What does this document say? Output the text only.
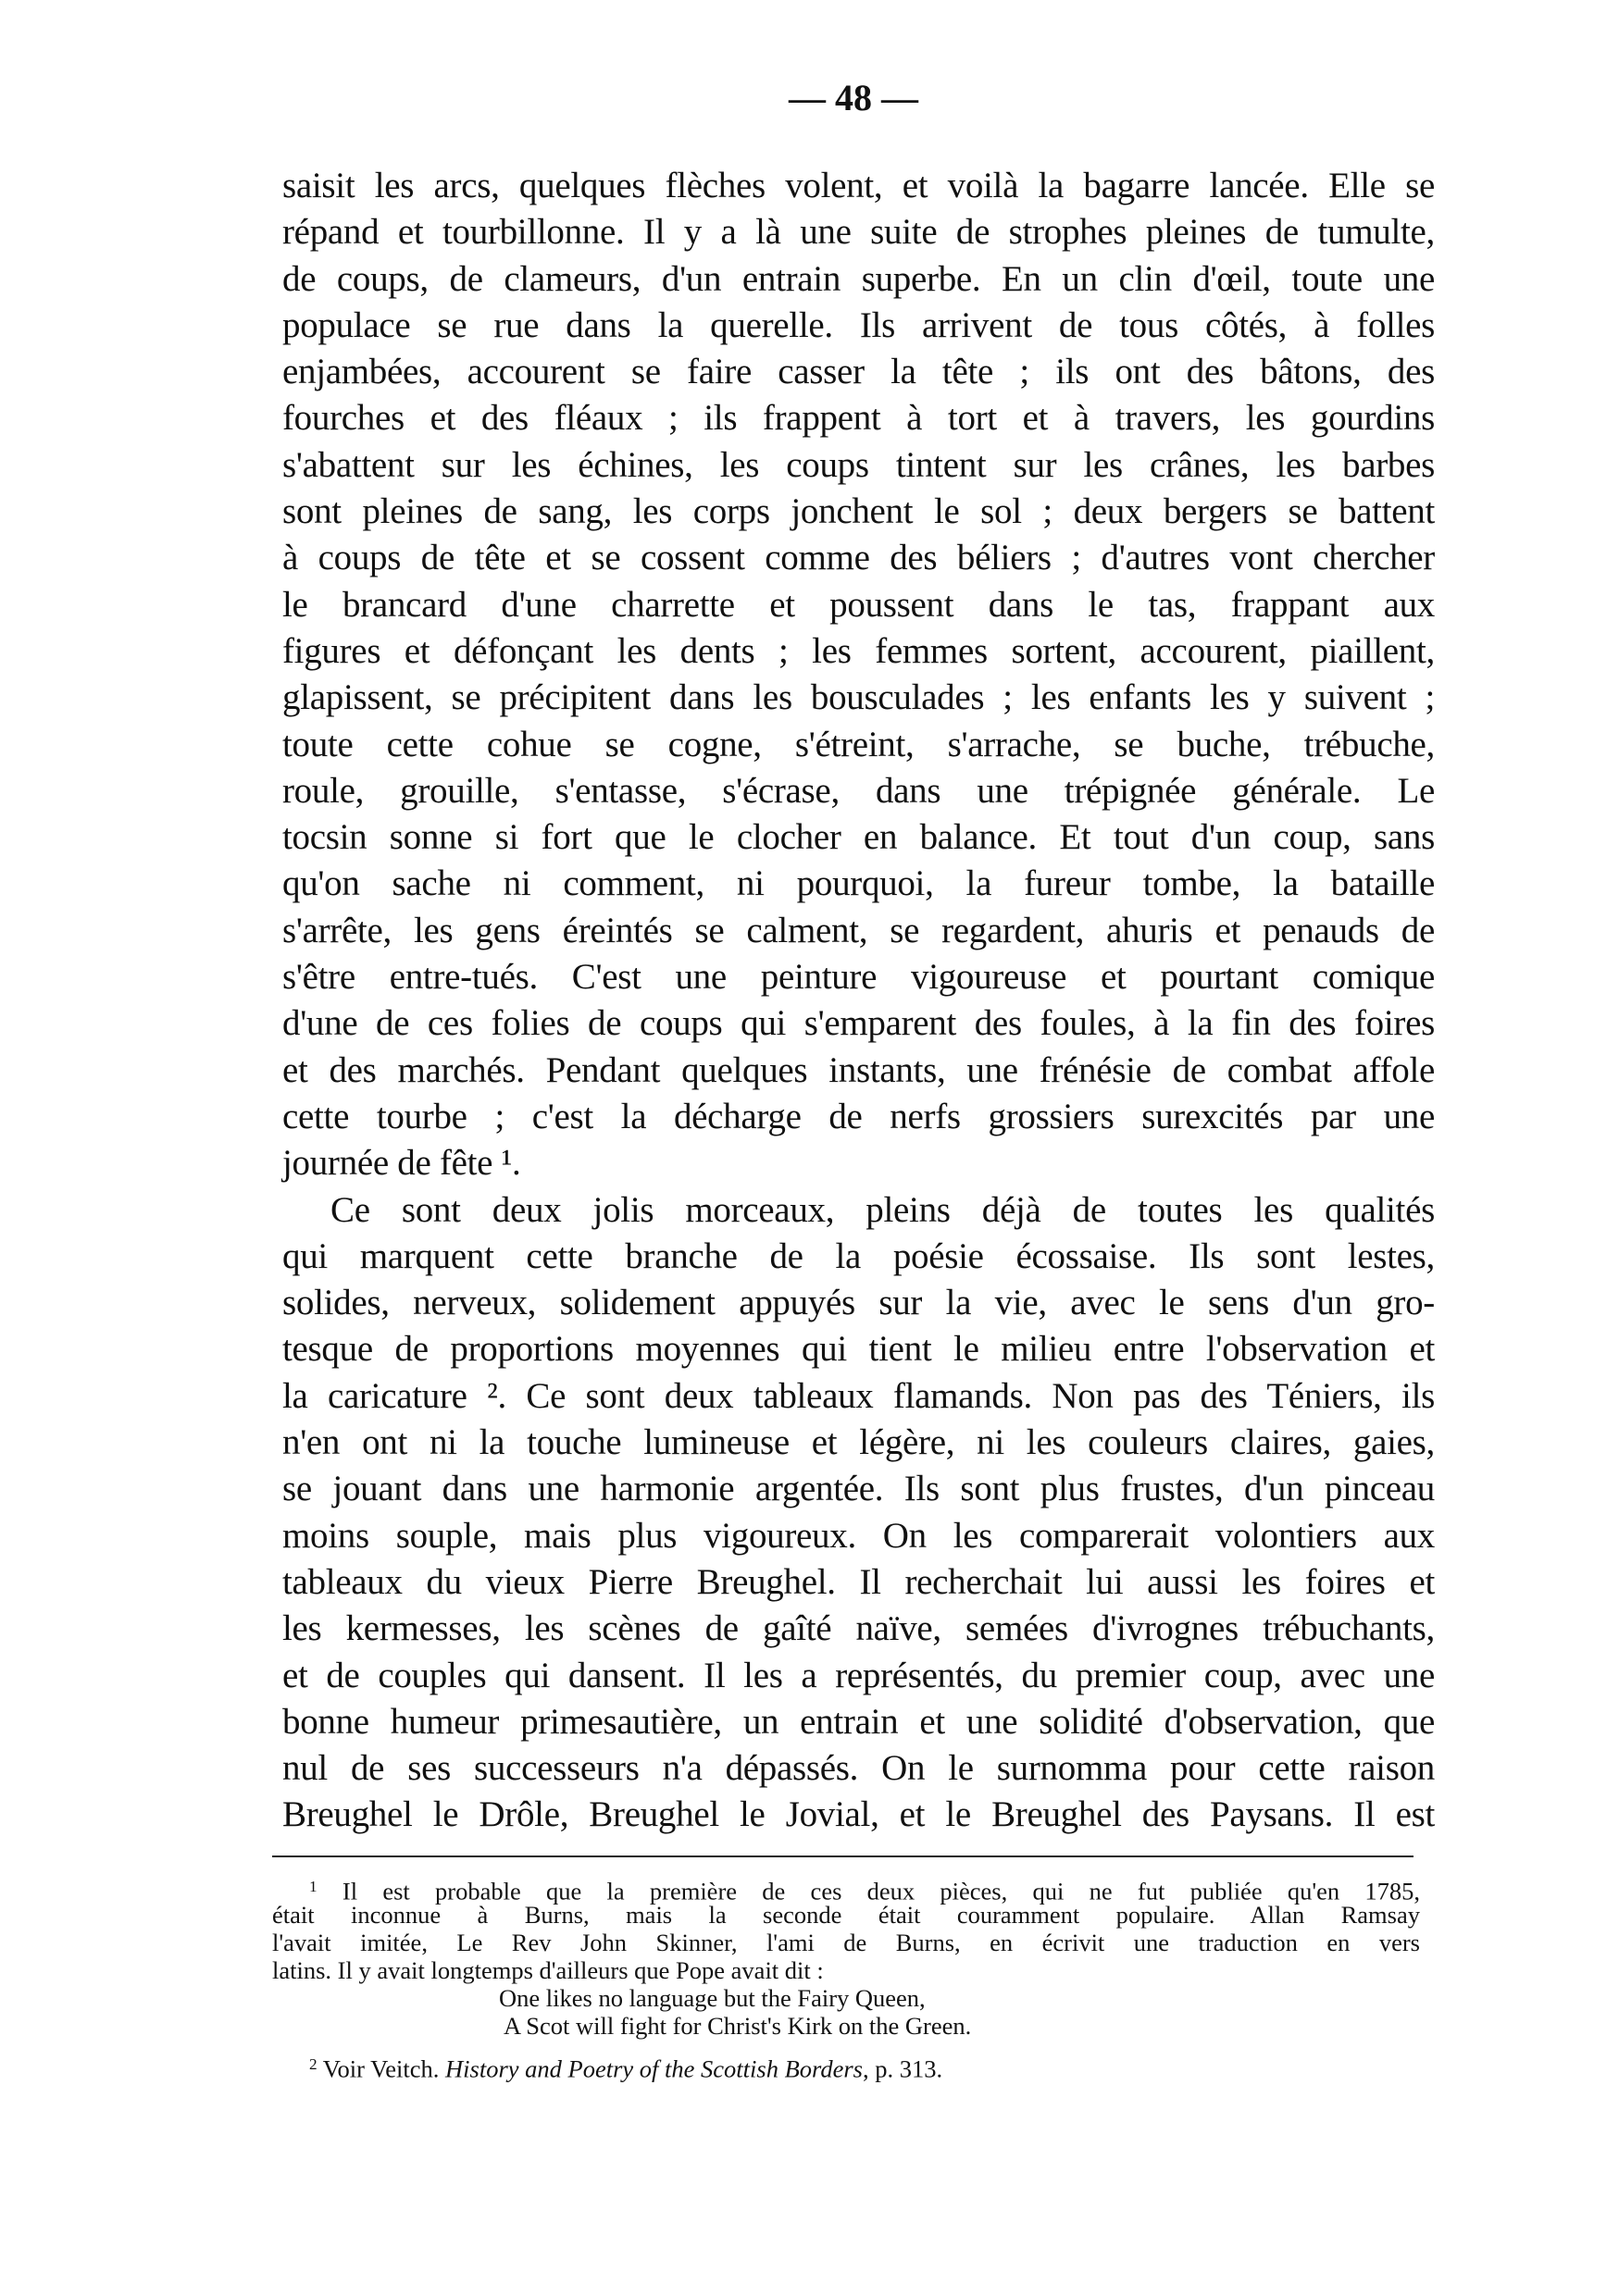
— 48 —
saisit les arcs, quelques flèches volent, et voilà la bagarre lancée. Elle se
répand et tourbillonne. Il y a là une suite de strophes pleines de tumulte,
de coups, de clameurs, d'un entrain superbe. En un clin d'œil, toute une
populace se rue dans la querelle. Ils arrivent de tous côtés, à folles
enjambées, accourent se faire casser la tête ; ils ont des bâtons, des
fourches et des fléaux ; ils frappent à tort et à travers, les gourdins
s'abattent sur les échines, les coups tintent sur les crânes, les barbes
sont pleines de sang, les corps jonchent le sol ; deux bergers se battent
à coups de tête et se cossent comme des béliers ; d'autres vont chercher
le brancard d'une charrette et poussent dans le tas, frappant aux
figures et défonçant les dents ; les femmes sortent, accourent, piaillent,
glapissent, se précipitent dans les bousculades ; les enfants les y suivent ;
toute cette cohue se cogne, s'étreint, s'arrache, se buche, trébuche,
roule, grouille, s'entasse, s'écrase, dans une trépignée générale. Le
tocsin sonne si fort que le clocher en balance. Et tout d'un coup, sans
qu'on sache ni comment, ni pourquoi, la fureur tombe, la bataille
s'arrête, les gens éreintés se calment, se regardent, ahuris et penauds de
s'être entre-tués. C'est une peinture vigoureuse et pourtant comique
d'une de ces folies de coups qui s'emparent des foules, à la fin des foires
et des marchés. Pendant quelques instants, une frénésie de combat affole
cette tourbe ; c'est la décharge de nerfs grossiers surexcités par une
journée de fête ¹.
Ce sont deux jolis morceaux, pleins déjà de toutes les qualités
qui marquent cette branche de la poésie écossaise. Ils sont lestes,
solides, nerveux, solidement appuyés sur la vie, avec le sens d'un gro-
tesque de proportions moyennes qui tient le milieu entre l'observation et
la caricature ². Ce sont deux tableaux flamands. Non pas des Téniers, ils
n'en ont ni la touche lumineuse et légère, ni les couleurs claires, gaies,
se jouant dans une harmonie argentée. Ils sont plus frustes, d'un pinceau
moins souple, mais plus vigoureux. On les comparerait volontiers aux
tableaux du vieux Pierre Breughel. Il recherchait lui aussi les foires et
les kermesses, les scènes de gaîté naïve, semées d'ivrognes trébuchants,
et de couples qui dansent. Il les a représentés, du premier coup, avec une
bonne humeur primesautière, un entrain et une solidité d'observation, que
nul de ses successeurs n'a dépassés. On le surnomma pour cette raison
Breughel le Drôle, Breughel le Jovial, et le Breughel des Paysans. Il est
$^1$ Il est probable que la première de ces deux pièces, qui ne fut publiée qu'en 1785,
était inconnue à Burns, mais la seconde était couramment populaire. Allan Ramsay
l'avait imitée, Le Rev John Skinner, l'ami de Burns, en écrivit une traduction en vers
latins. Il y avait longtemps d'ailleurs que Pope avait dit :
One likes no language but the Fairy Queen,
A Scot will fight for Christ's Kirk on the Green.
$^2$ Voir Veitch. History and Poetry of the Scottish Borders, p. 313.
